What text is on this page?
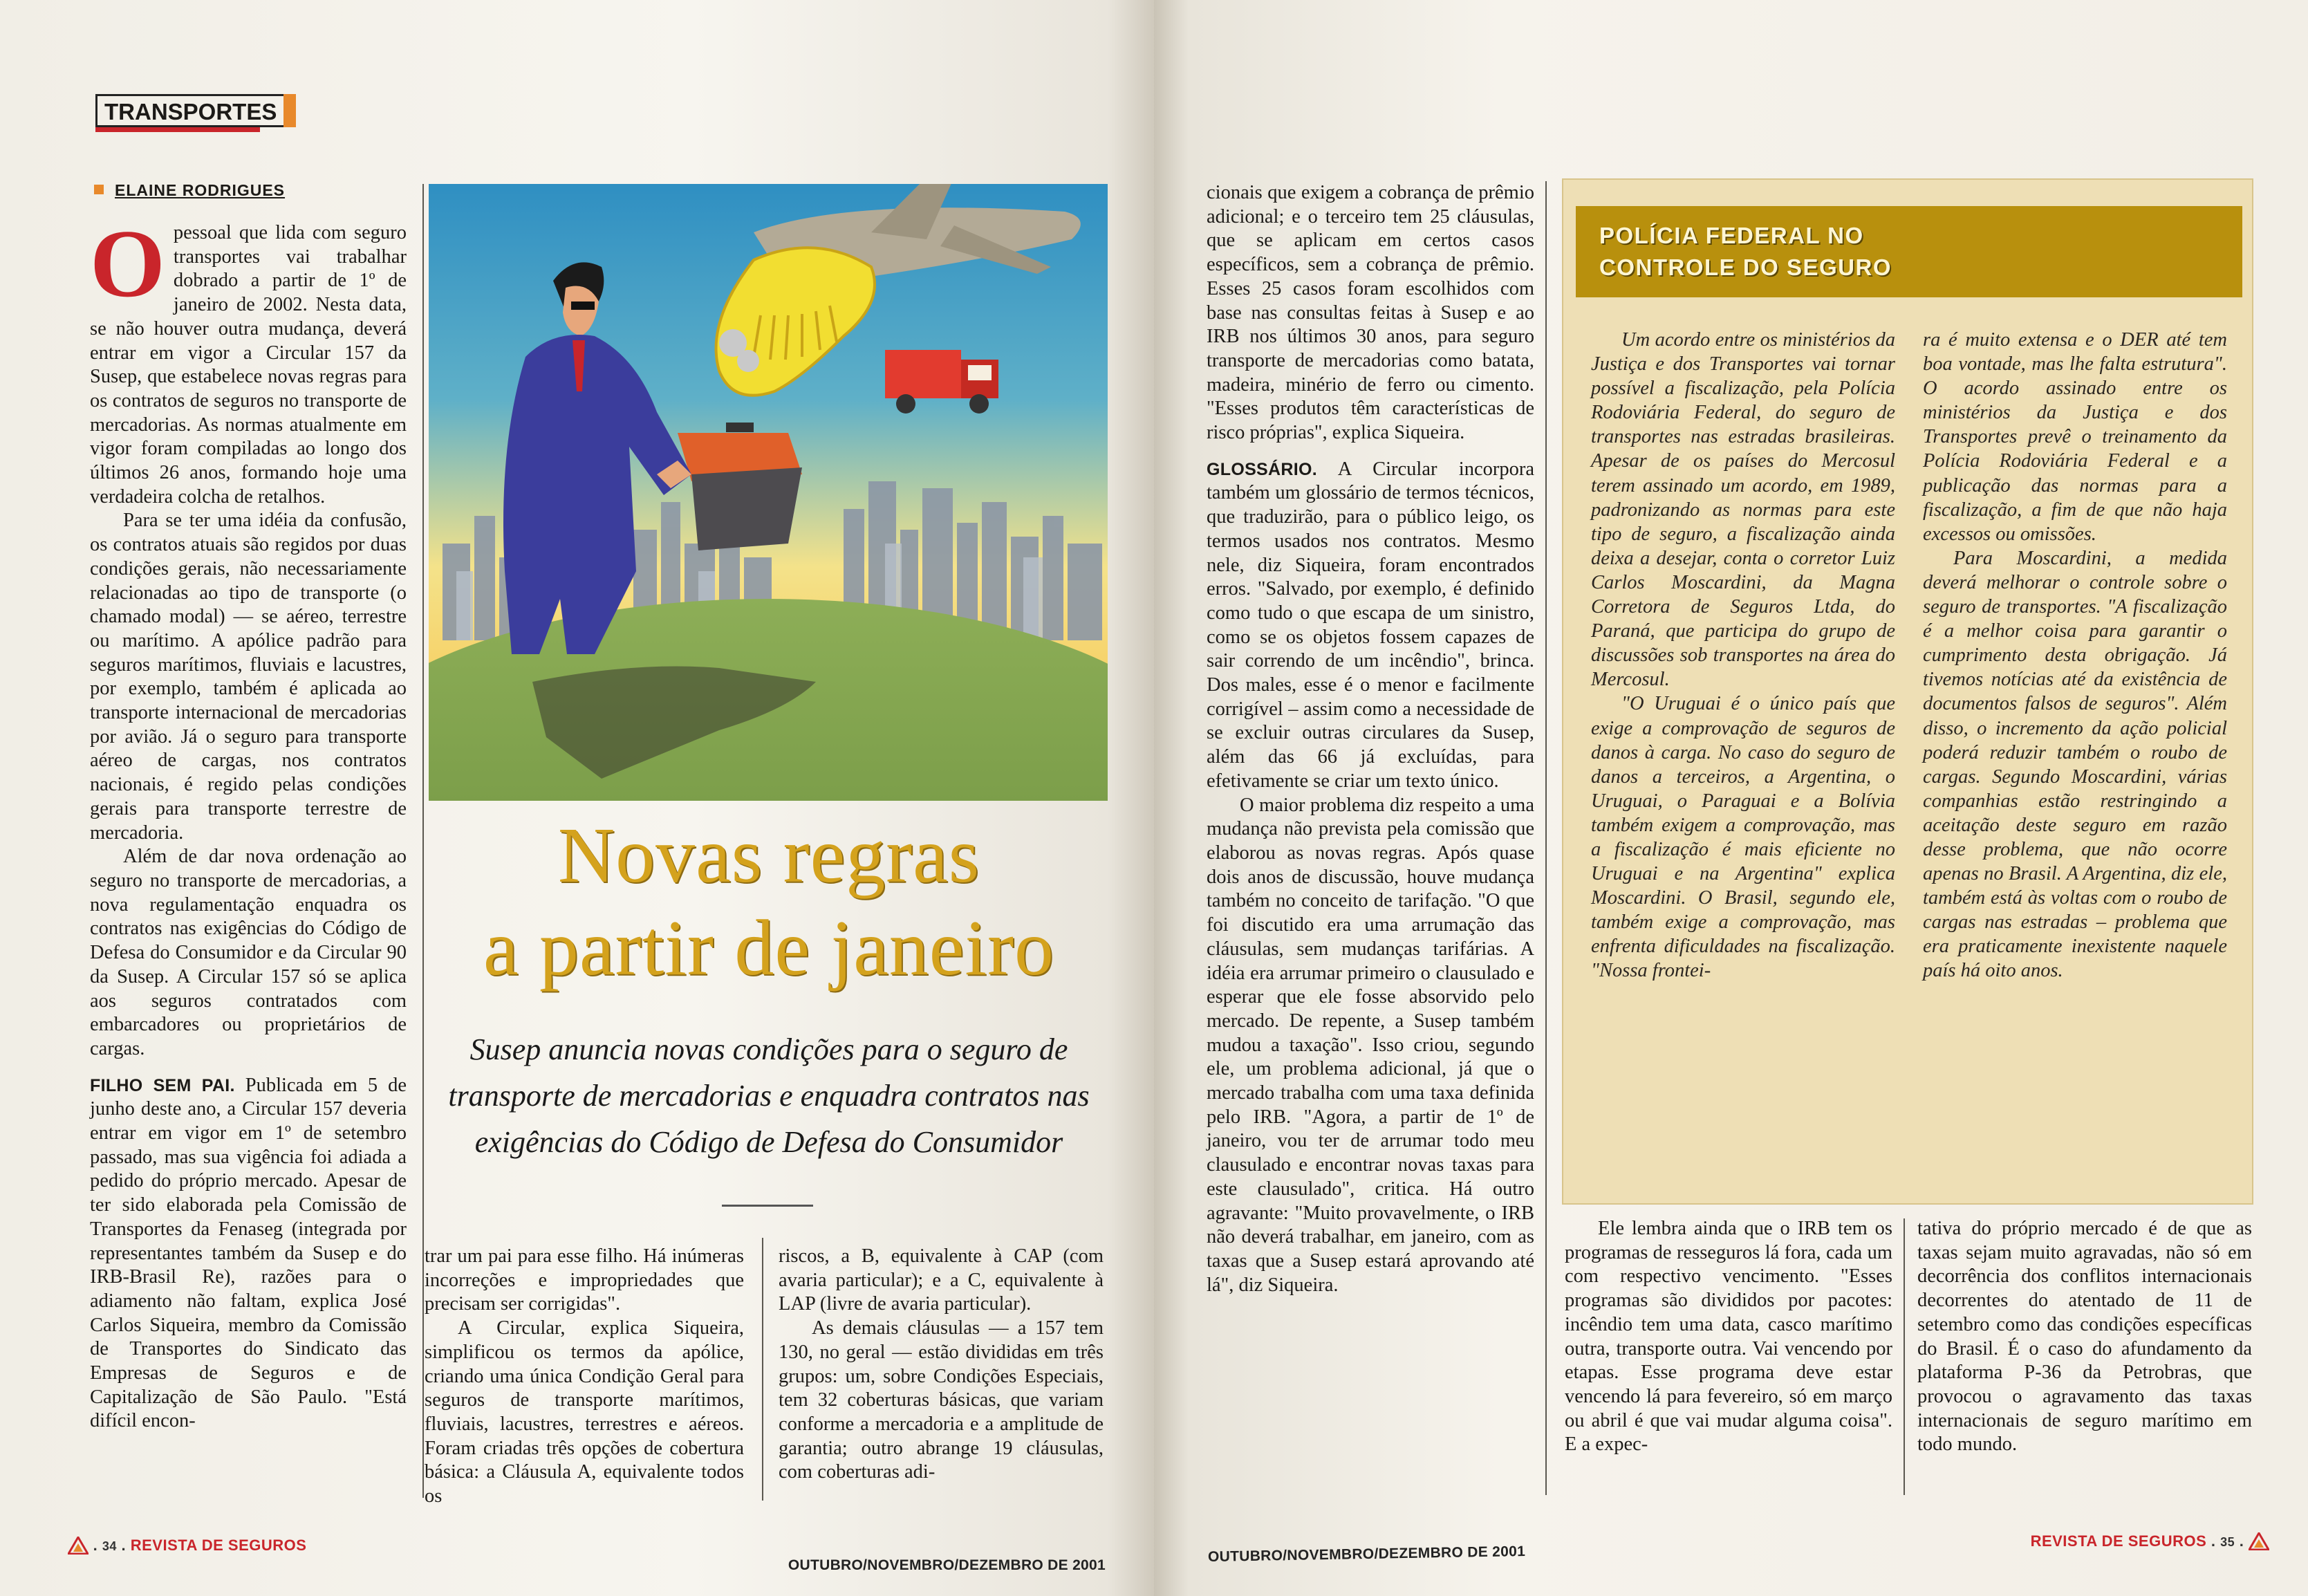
TRANSPORTES
ELAINE RODRIGUES

Opessoal que lida com seguro transportes vai trabalhar dobrado a partir de 1º de janeiro de 2002. Nesta data, se não houver outra mudança, deverá entrar em vigor a Circular 157 da Susep, que estabelece novas regras para os contratos de seguros no transporte de mercadorias. As normas atualmente em vigor foram compiladas ao longo dos últimos 26 anos, formando hoje uma verdadeira colcha de retalhos.

Para se ter uma idéia da confusão, os contratos atuais são regidos por duas condições gerais, não necessariamente relacionadas ao tipo de transporte (o chamado modal) — se aéreo, terrestre ou marítimo. A apólice padrão para seguros marítimos, fluviais e lacustres, por exemplo, também é aplicada ao transporte internacional de mercadorias por avião. Já o seguro para transporte aéreo de cargas, nos contratos nacionais, é regido pelas condições gerais para transporte terrestre de mercadoria.

Além de dar nova ordenação ao seguro no transporte de mercadorias, a nova regulamentação enquadra os contratos nas exigências do Código de Defesa do Consumidor e da Circular 90 da Susep. A Circular 157 só se aplica aos seguros contratados com embarcadores ou proprietários de cargas.

FILHO SEM PAI. Publicada em 5 de junho deste ano, a Circular 157 deveria entrar em vigor em 1º de setembro passado, mas sua vigência foi adiada a pedido do próprio mercado. Apesar de ter sido elaborada pela Comissão de Transportes da Fenaseg (integrada por representantes também da Susep e do IRB-Brasil Re), razões para o adiamento não faltam, explica José Carlos Siqueira, membro da Comissão de Transportes do Sindicato das Empresas de Seguros e de Capitalização de São Paulo. "Está difícil encon-

Novas regras
a partir de janeiro
Susep anuncia novas condições para o seguro de transporte de mercadorias e enquadra contratos nas exigências do Código de Defesa do Consumidor

trar um pai para esse filho. Há inúmeras incorreções e impropriedades que precisam ser corrigidas".

A Circular, explica Siqueira, simplificou os termos da apólice, criando uma única Condição Geral para seguros de transporte marítimos, fluviais, lacustres, terrestres e aéreos. Foram criadas três opções de cobertura básica: a Cláusula A, equivalente todos os

riscos, a B, equivalente à CAP (com avaria particular); e a C, equivalente à LAP (livre de avaria particular).

As demais cláusulas — a 157 tem 130, no geral — estão divididas em três grupos: um, sobre Condições Especiais, tem 32 coberturas básicas, que variam conforme a mercadoria e a amplitude de garantia; outro abrange 19 cláusulas, com coberturas adi-

. 34 . REVISTA DE SEGUROS
OUTUBRO/NOVEMBRO/DEZEMBRO DE 2001

cionais que exigem a cobrança de prêmio adicional; e o terceiro tem 25 cláusulas, que se aplicam em certos casos específicos, sem a cobrança de prêmio. Esses 25 casos foram escolhidos com base nas consultas feitas à Susep e ao IRB nos últimos 30 anos, para seguro transporte de mercadorias como batata, madeira, minério de ferro ou cimento. "Esses produtos têm características de risco próprias", explica Siqueira.

GLOSSÁRIO. A Circular incorpora também um glossário de termos técnicos, que traduzirão, para o público leigo, os termos usados nos contratos. Mesmo nele, diz Siqueira, foram encontrados erros. "Salvado, por exemplo, é definido como tudo o que escapa de um sinistro, como se os objetos fossem capazes de sair correndo de um incêndio", brinca. Dos males, esse é o menor e facilmente corrigível – assim como a necessidade de se excluir outras circulares da Susep, além das 66 já excluídas, para efetivamente se criar um texto único.

O maior problema diz respeito a uma mudança não prevista pela comissão que elaborou as novas regras. Após quase dois anos de discussão, houve mudança também no conceito de tarifação. "O que foi discutido era uma arrumação das cláusulas, sem mudanças tarifárias. A idéia era arrumar primeiro o clausulado e esperar que ele fosse absorvido pelo mercado. De repente, a Susep também mudou a taxação". Isso criou, segundo ele, um problema adicional, já que o mercado trabalha com uma taxa definida pelo IRB. "Agora, a partir de 1º de janeiro, vou ter de arrumar todo meu clausulado e encontrar novas taxas para este clausulado", critica. Há outro agravante: "Muito provavelmente, o IRB não deverá trabalhar, em janeiro, com as taxas que a Susep estará aprovando até lá", diz Siqueira.

POLÍCIA FEDERAL NO
CONTROLE DO SEGURO

Um acordo entre os ministérios da Justiça e dos Transportes vai tornar possível a fiscalização, pela Polícia Rodoviária Federal, do seguro de transportes nas estradas brasileiras. Apesar de os países do Mercosul terem assinado um acordo, em 1989, padronizando as normas para este tipo de seguro, a fiscalização ainda deixa a desejar, conta o corretor Luiz Carlos Moscardini, da Magna Corretora de Seguros Ltda, do Paraná, que participa do grupo de discussões sob transportes na área do Mercosul.

"O Uruguai é o único país que exige a comprovação de seguros de danos à carga. No caso do seguro de danos a terceiros, a Argentina, o Uruguai, o Paraguai e a Bolívia também exigem a comprovação, mas a fiscalização é mais eficiente no Uruguai e na Argentina" explica Moscardini. O Brasil, segundo ele, também exige a comprovação, mas enfrenta dificuldades na fiscalização. "Nossa frontei-

ra é muito extensa e o DER até tem boa vontade, mas lhe falta estrutura". O acordo assinado entre os ministérios da Justiça e dos Transportes prevê o treinamento da Polícia Rodoviária Federal e a publicação das normas para a fiscalização, a fim de que não haja excessos ou omissões.

Para Moscardini, a medida deverá melhorar o controle sobre o seguro de transportes. "A fiscalização é a melhor coisa para garantir o cumprimento desta obrigação. Já tivemos notícias até da existência de documentos falsos de seguros". Além disso, o incremento da ação policial poderá reduzir também o roubo de cargas. Segundo Moscardini, várias companhias estão restringindo a aceitação deste seguro em razão desse problema, que não ocorre apenas no Brasil. A Argentina, diz ele, também está às voltas com o roubo de cargas nas estradas – problema que era praticamente inexistente naquele país há oito anos.

Ele lembra ainda que o IRB tem os programas de resseguros lá fora, cada um com respectivo vencimento. "Esses programas são divididos por pacotes: incêndio tem uma data, casco marítimo outra, transporte outra. Vai vencendo por etapas. Esse programa deve estar vencendo lá para fevereiro, só em março ou abril é que vai mudar alguma coisa". E a expec-

tativa do próprio mercado é de que as taxas sejam muito agravadas, não só em decorrência dos conflitos internacionais decorrentes do atentado de 11 de setembro como das condições específicas do Brasil. É o caso do afundamento da plataforma P-36 da Petrobras, que provocou o agravamento das taxas internacionais de seguro marítimo em todo mundo.

OUTUBRO/NOVEMBRO/DEZEMBRO DE 2001
REVISTA DE SEGUROS . 35 .
